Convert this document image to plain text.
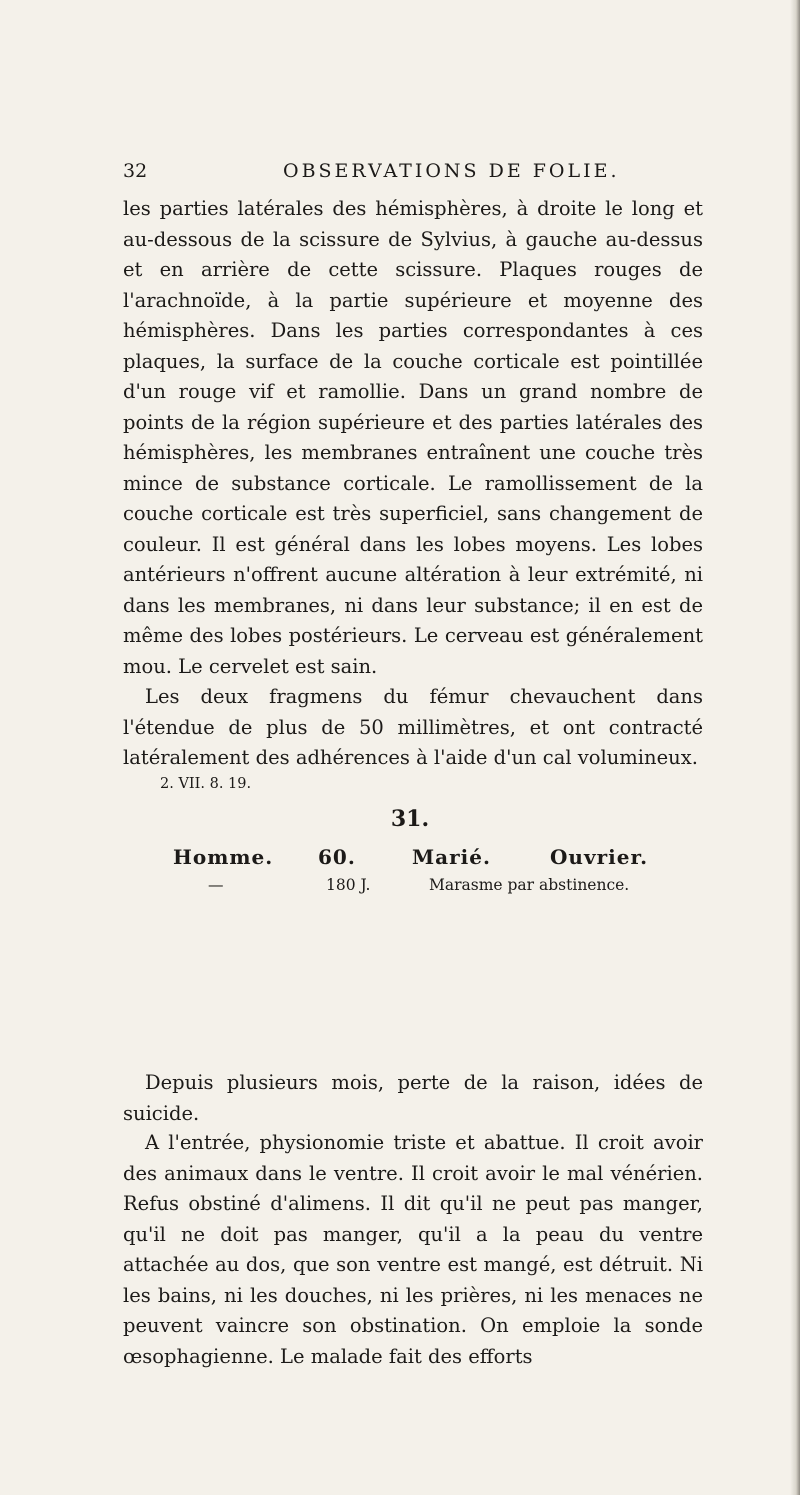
32	OBSERVATIONS DE FOLIE.

les parties latérales des hémisphères, à droite le long et au-dessous de la scissure de Sylvius, à gauche au-dessus et en arrière de cette scissure. Plaques rouges de l'arachnoïde, à la partie supérieure et moyenne des hémisphères. Dans les parties correspondantes à ces plaques, la surface de la couche corticale est pointillée d'un rouge vif et ramollie. Dans un grand nombre de points de la région supérieure et des parties latérales des hémisphères, les membranes entraînent une couche très mince de substance corticale. Le ramollissement de la couche corticale est très superficiel, sans changement de couleur. Il est général dans les lobes moyens. Les lobes antérieurs n'offrent aucune altération à leur extrémité, ni dans les membranes, ni dans leur substance; il en est de même des lobes postérieurs. Le cerveau est généralement mou. Le cervelet est sain.

Les deux fragmens du fémur chevauchent dans l'étendue de plus de 50 millimètres, et ont contracté latéralement des adhérences à l'aide d'un cal volumineux.

2. VII. 8. 19.
31.
Homme. 60.	Marié.	Ouvrier.
—	180 J.	Marasme par abstinence.

Depuis plusieurs mois, perte de la raison, idées de suicide.

A l'entrée, physionomie triste et abattue. Il croit avoir des animaux dans le ventre. Il croit avoir le mal vénérien. Refus obstiné d'alimens. Il dit qu'il ne peut pas manger, qu'il ne doit pas manger, qu'il a la peau du ventre attachée au dos, que son ventre est mangé, est détruit. Ni les bains, ni les douches, ni les prières, ni les menaces ne peuvent vaincre son obstination. On emploie la sonde œsophagienne. Le malade fait des efforts
